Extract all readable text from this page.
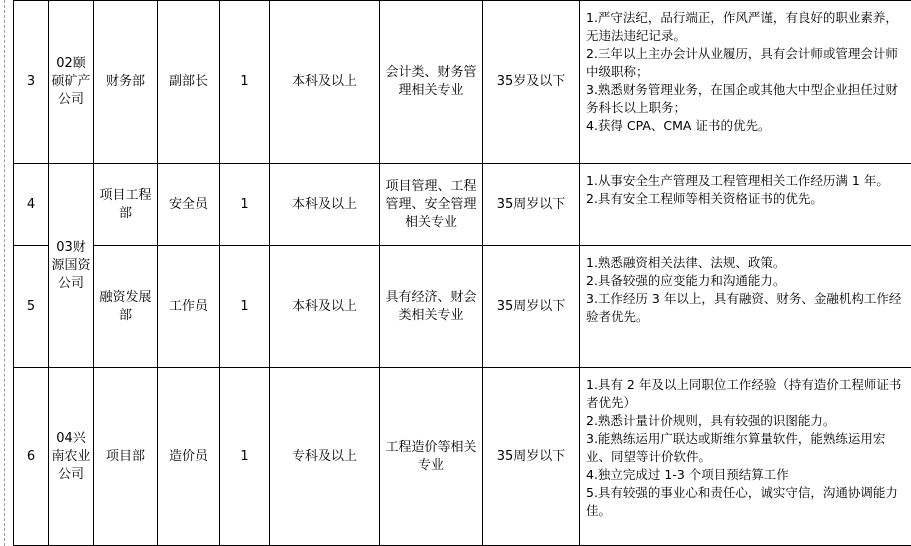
3	02颐硕矿产公司	财务部	副部长	1	本科及以上	会计类、财务管理相关专业	35岁及以下	1.严守法纪，品行端正，作风严谨，有良好的职业素养，无违法违纪记录。
2.三年以上主办会计从业履历，具有会计师或管理会计师中级职称；
3.熟悉财务管理业务，在国企或其他大中型企业担任过财务科长以上职务；
4.获得 CPA、CMA 证书的优先。

4	03财源国资公司	项目工程部	安全员	1	本科及以上	项目管理、工程管理、安全管理相关专业	35周岁以下	1.从事安全生产管理及工程管理相关工作经历满 1 年。
2.具有安全工程师等相关资格证书的优先。

5		融资发展部	工作员	1	本科及以上	具有经济、财会类相关专业	35周岁以下	1.熟悉融资相关法律、法规、政策。
2.具备较强的应变能力和沟通能力。
3.工作经历 3 年以上，具有融资、财务、金融机构工作经验者优先。

6	04兴南农业公司	项目部	造价员	1	专科及以上	工程造价等相关专业	35周岁以下	1.具有 2 年及以上同职位工作经验（持有造价工程师证书者优先）
2.熟悉计量计价规则，具有较强的识图能力。
3.能熟练运用广联达或斯维尔算量软件，能熟练运用宏业、同望等计价软件。
4.独立完成过 1-3 个项目预结算工作
5.具有较强的事业心和责任心，诚实守信，沟通协调能力佳。
